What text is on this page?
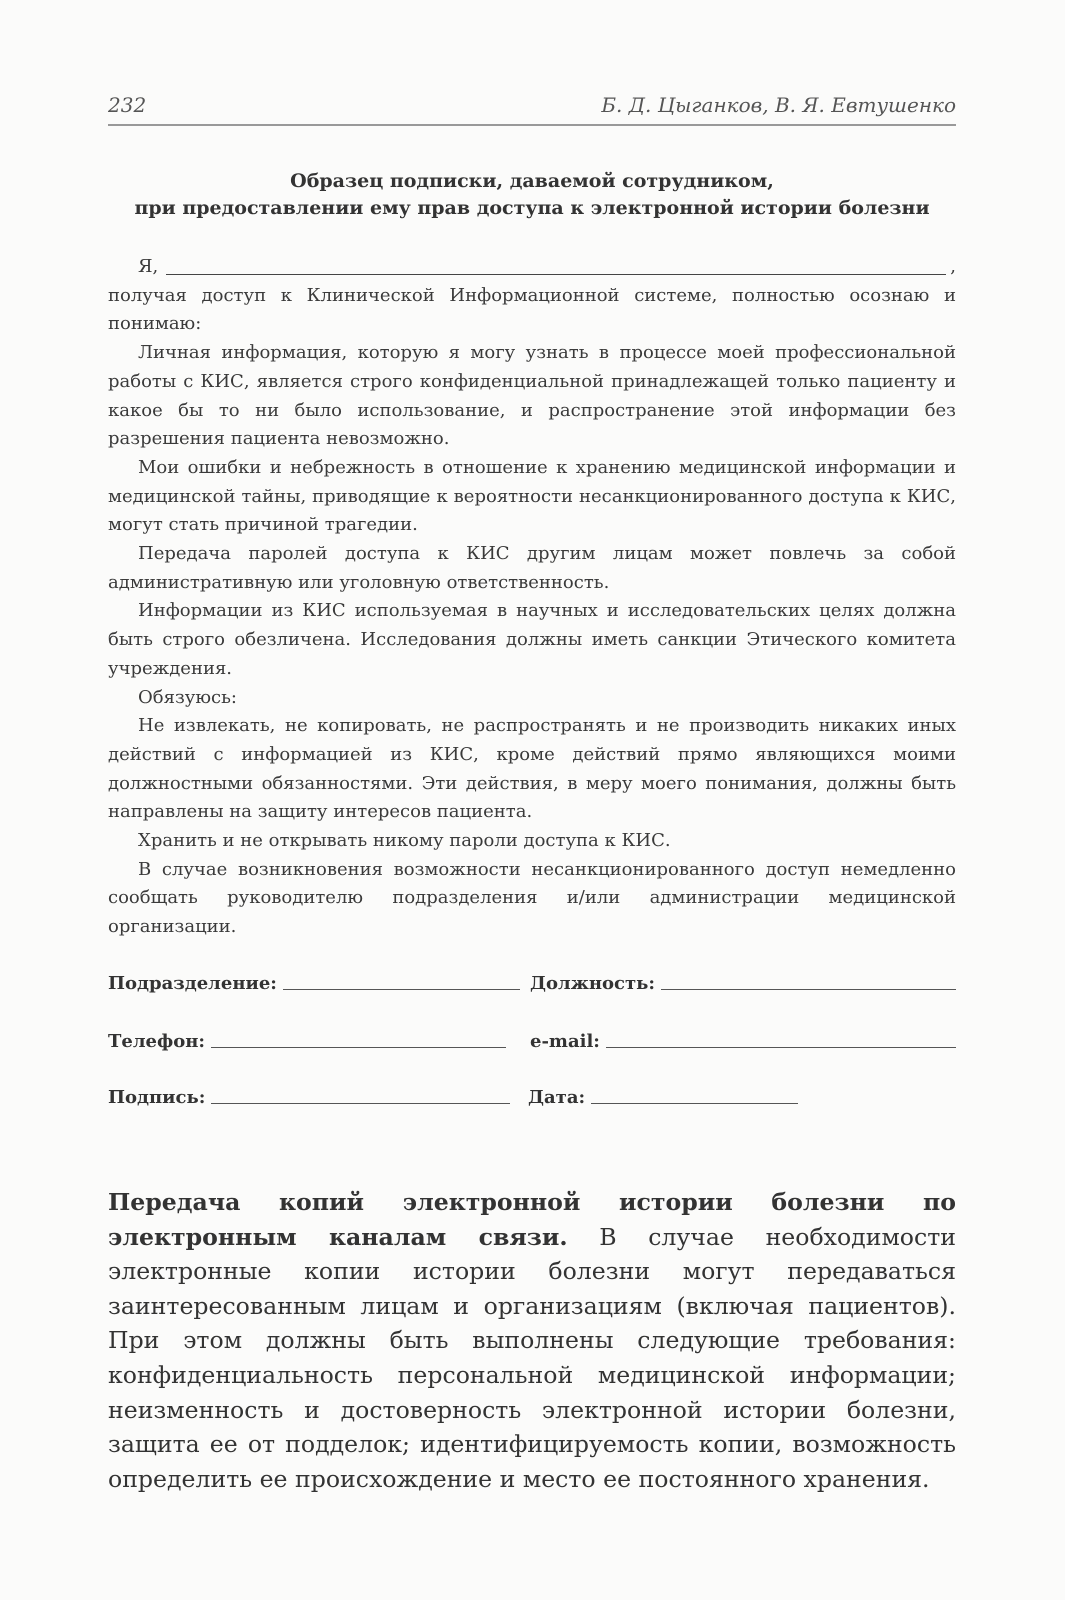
232	Б. Д. Цыганков, В. Я. Евтушенко
Образец подписки, даваемой сотрудником,
при предоставлении ему прав доступа к электронной истории болезни
Я,	,

получая доступ к Клинической Информационной системе, полностью осознаю и понимаю:

Личная информация, которую я могу узнать в процессе моей профессиональной работы с КИС, является строго конфиденциальной принадлежащей только пациенту и какое бы то ни было использование, и распространение этой информации без разрешения пациента невозможно.

Мои ошибки и небрежность в отношение к хранению медицинской информации и медицинской тайны, приводящие к вероятности несанкционированного доступа к КИС, могут стать причиной трагедии.

Передача паролей доступа к КИС другим лицам может повлечь за собой административную или уголовную ответственность.

Информации из КИС используемая в научных и исследовательских целях должна быть строго обезличена. Исследования должны иметь санкции Этического комитета учреждения.

Обязуюсь:

Не извлекать, не копировать, не распространять и не производить никаких иных действий с информацией из КИС, кроме действий прямо являющихся моими должностными обязанностями. Эти действия, в меру моего понимания, должны быть направлены на защиту интересов пациента.

Хранить и не открывать никому пароли доступа к КИС.

В случае возникновения возможности несанкционированного доступ немедленно сообщать руководителю подразделения и/или администрации медицинской организации.

Подразделение:	Должность:
Телефон:	e-mail:
Подпись:	Дата:
Передача копий электронной истории болезни по электронным каналам связи. В случае необходимости электронные копии истории болезни могут передаваться заинтересованным лицам и организациям (включая пациентов). При этом должны быть выполнены следующие требования: конфиденциальность персональной медицинской информации; неизменность и достоверность электронной истории болезни, защита ее от подделок; идентифицируемость копии, возможность определить ее происхождение и место ее постоянного хранения.
